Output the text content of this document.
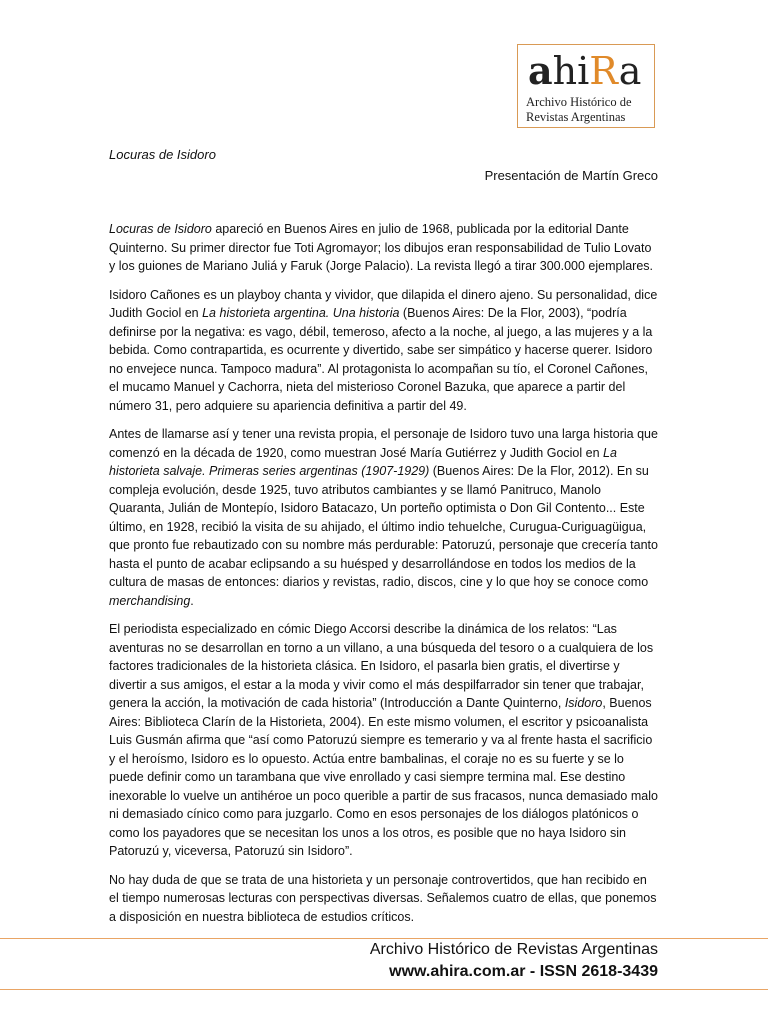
ahiRa
Archivo Histórico de
Revistas Argentinas
Locuras de Isidoro
Presentación de Martín Greco

Locuras de Isidoro apareció en Buenos Aires en julio de 1968, publicada por la editorial Dante Quinterno. Su primer director fue Toti Agromayor; los dibujos eran responsabilidad de Tulio Lovato y los guiones de Mariano Juliá y Faruk (Jorge Palacio). La revista llegó a tirar 300.000 ejemplares.

Isidoro Cañones es un playboy chanta y vividor, que dilapida el dinero ajeno. Su personalidad, dice Judith Gociol en La historieta argentina. Una historia (Buenos Aires: De la Flor, 2003), “podría definirse por la negativa: es vago, débil, temeroso, afecto a la noche, al juego, a las mujeres y a la bebida. Como contrapartida, es ocurrente y divertido, sabe ser simpático y hacerse querer. Isidoro no envejece nunca. Tampoco madura”. Al protagonista lo acompañan su tío, el Coronel Cañones, el mucamo Manuel y Cachorra, nieta del misterioso Coronel Bazuka, que aparece a partir del número 31, pero adquiere su apariencia definitiva a partir del 49.

Antes de llamarse así y tener una revista propia, el personaje de Isidoro tuvo una larga historia que comenzó en la década de 1920, como muestran José María Gutiérrez y Judith Gociol en La historieta salvaje. Primeras series argentinas (1907-1929) (Buenos Aires: De la Flor, 2012). En su compleja evolución, desde 1925, tuvo atributos cambiantes y se llamó Panitruco, Manolo Quaranta, Julián de Montepío, Isidoro Batacazo, Un porteño optimista o Don Gil Contento... Este último, en 1928, recibió la visita de su ahijado, el último indio tehuelche, Curugua-Curiguagüigua, que pronto fue rebautizado con su nombre más perdurable: Patoruzú, personaje que crecería tanto hasta el punto de acabar eclipsando a su huésped y desarrollándose en todos los medios de la cultura de masas de entonces: diarios y revistas, radio, discos, cine y lo que hoy se conoce como merchandising.

El periodista especializado en cómic Diego Accorsi describe la dinámica de los relatos: “Las aventuras no se desarrollan en torno a un villano, a una búsqueda del tesoro o a cualquiera de los factores tradicionales de la historieta clásica. En Isidoro, el pasarla bien gratis, el divertirse y divertir a sus amigos, el estar a la moda y vivir como el más despilfarrador sin tener que trabajar, genera la acción, la motivación de cada historia” (Introducción a Dante Quinterno, Isidoro, Buenos Aires: Biblioteca Clarín de la Historieta, 2004). En este mismo volumen, el escritor y psicoanalista Luis Gusmán afirma que “así como Patoruzú siempre es temerario y va al frente hasta el sacrificio y el heroísmo, Isidoro es lo opuesto. Actúa entre bambalinas, el coraje no es su fuerte y se lo puede definir como un tarambana que vive enrollado y casi siempre termina mal. Ese destino inexorable lo vuelve un antihéroe un poco querible a partir de sus fracasos, nunca demasiado malo ni demasiado cínico como para juzgarlo. Como en esos personajes de los diálogos platónicos o como los payadores que se necesitan los unos a los otros, es posible que no haya Isidoro sin Patoruzú y, viceversa, Patoruzú sin Isidoro”.

No hay duda de que se trata de una historieta y un personaje controvertidos, que han recibido en el tiempo numerosas lecturas con perspectivas diversas. Señalemos cuatro de ellas, que ponemos a disposición en nuestra biblioteca de estudios críticos.

Archivo Histórico de Revistas Argentinas
www.ahira.com.ar - ISSN 2618-3439
